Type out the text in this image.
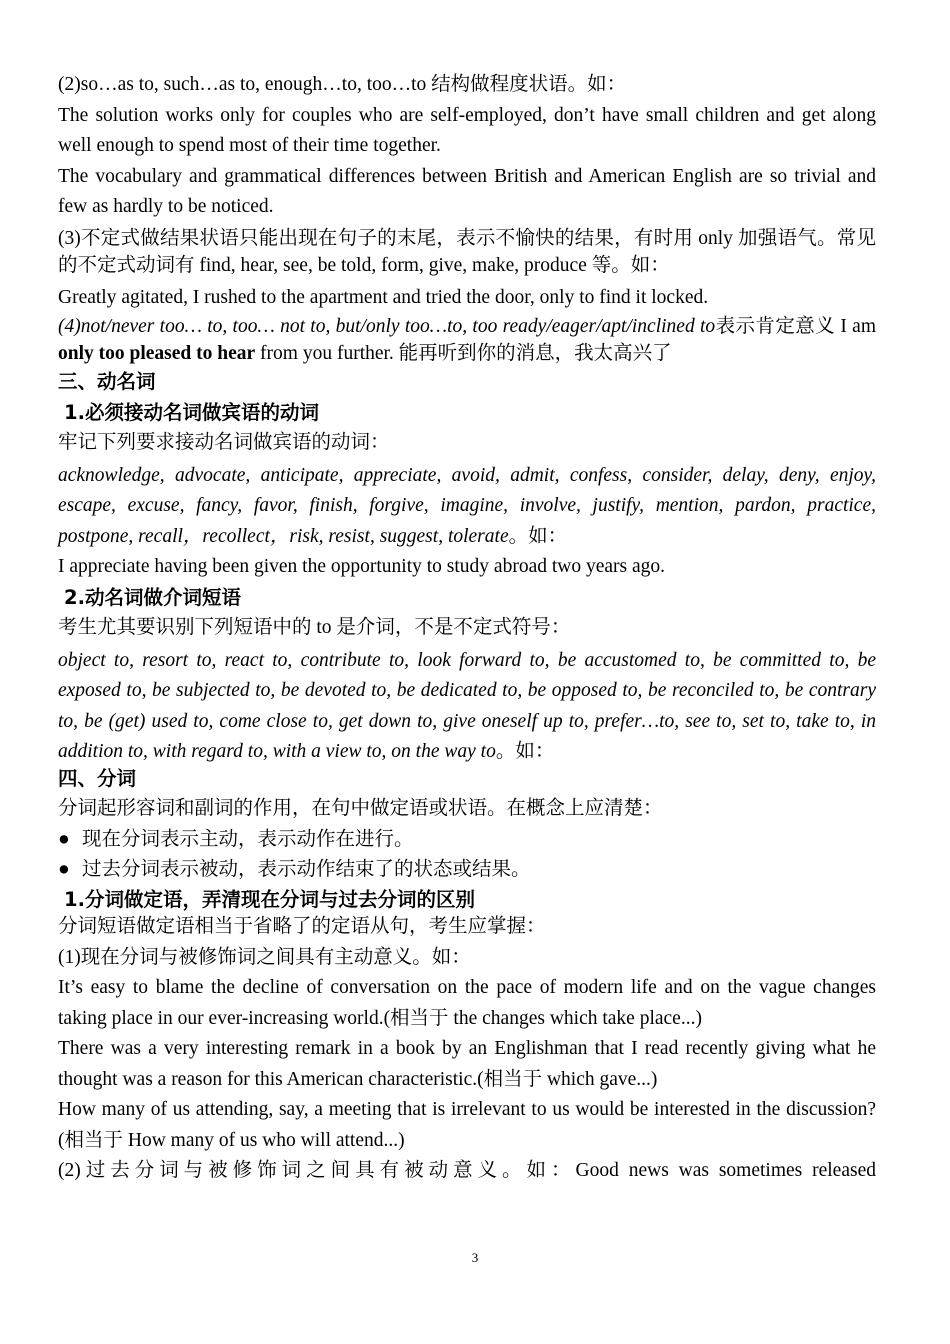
(2)so…as to, such…as to, enough…to, too…to 结构做程度状语。如：

The solution works only for couples who are self-employed, don’t have small children and get along well enough to spend most of their time together.

The vocabulary and grammatical differences between British and American English are so trivial and few as hardly to be noticed.

(3)不定式做结果状语只能出现在句子的末尾，表示不愉快的结果，有时用 only 加强语气。常见的不定式动词有 find, hear, see, be told, form, give, make, produce 等。如：

Greatly agitated, I rushed to the apartment and tried the door, only to find it locked.

(4)not/never too… to, too… not to, but/only too…to, too ready/eager/apt/inclined to表示肯定意义 I am only too pleased to hear from you further. 能再听到你的消息，我太高兴了

三、动名词

1.必须接动名词做宾语的动词

牢记下列要求接动名词做宾语的动词：

acknowledge, advocate, anticipate, appreciate, avoid, admit, confess, consider, delay, deny, enjoy, escape, excuse, fancy, favor, finish, forgive, imagine, involve, justify, mention, pardon, practice, postpone, recall，recollect，risk, resist, suggest, tolerate。如：

I appreciate having been given the opportunity to study abroad two years ago.

2.动名词做介词短语

考生尤其要识别下列短语中的 to 是介词，不是不定式符号：

object to, resort to, react to, contribute to, look forward to, be accustomed to, be committed to, be exposed to, be subjected to, be devoted to, be dedicated to, be opposed to, be reconciled to, be contrary to, be (get) used to, come close to, get down to, give oneself up to, prefer…to, see to, set to, take to, in addition to, with regard to, with a view to, on the way to。如：

四、分词

分词起形容词和副词的作用，在句中做定语或状语。在概念上应清楚：

● 现在分词表示主动，表示动作在进行。
● 过去分词表示被动，表示动作结束了的状态或结果。

1.分词做定语，弄清现在分词与过去分词的区别

分词短语做定语相当于省略了的定语从句，考生应掌握：

(1)现在分词与被修饰词之间具有主动意义。如：

It’s easy to blame the decline of conversation on the pace of modern life and on the vague changes taking place in our ever-increasing world.(相当于 the changes which take place...)

There was a very interesting remark in a book by an Englishman that I read recently giving what he thought was a reason for this American characteristic.(相当于 which gave...)

How many of us attending, say, a meeting that is irrelevant to us would be interested in the discussion?(相当于 How many of us who will attend...)

(2)过去分词与被修饰词之间具有被动意义。如：Good news was sometimes released

3
